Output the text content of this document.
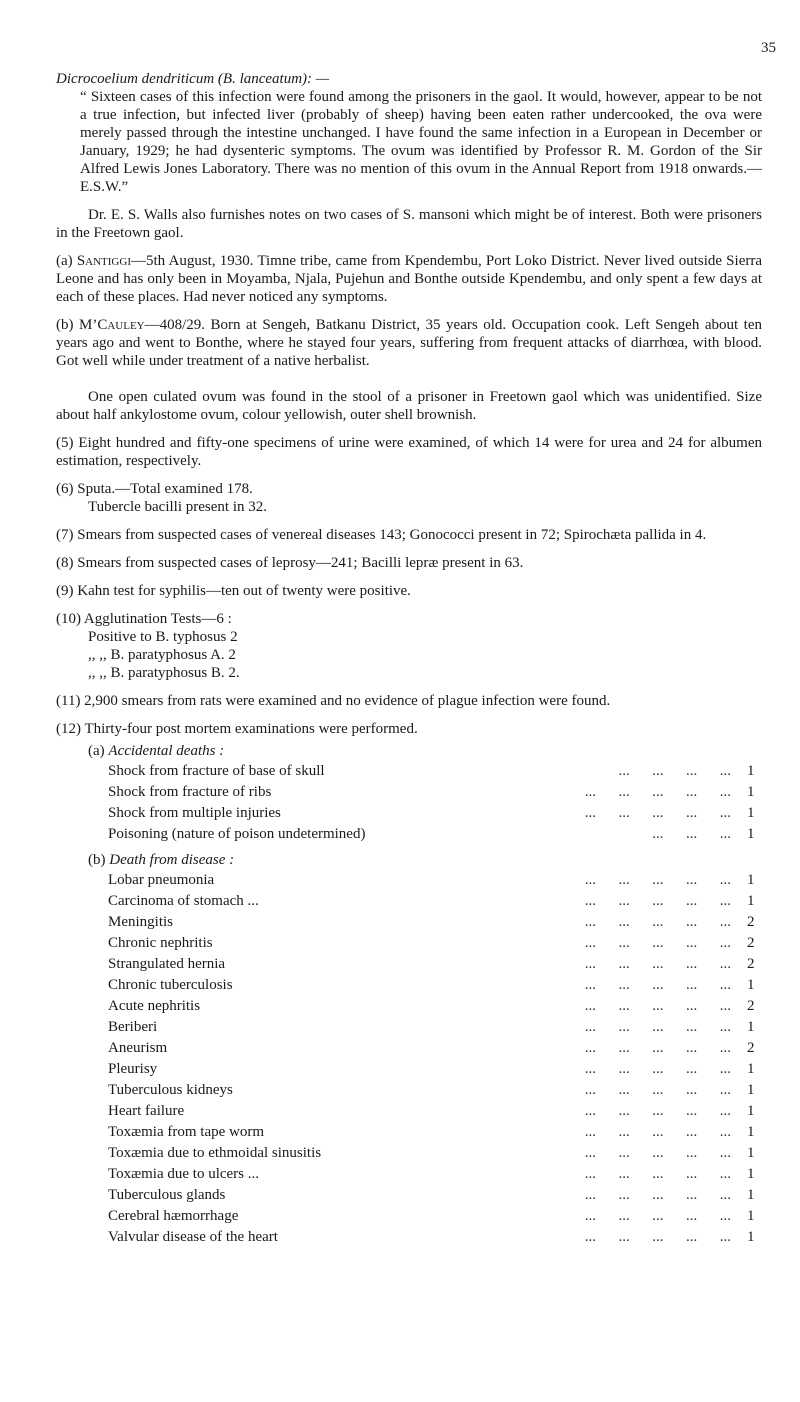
35

Dicrocoelium dendriticum (B. lanceatum): —

“ Sixteen cases of this infection were found among the prisoners in the gaol. It would, however, appear to be not a true infection, but infected liver (probably of sheep) having been eaten rather undercooked, the ova were merely passed through the intestine unchanged. I have found the same infection in a European in December or January, 1929; he had dysenteric symptoms. The ovum was identified by Professor R. M. Gordon of the Sir Alfred Lewis Jones Laboratory. There was no mention of this ovum in the Annual Report from 1918 onwards.—E.S.W.”

Dr. E. S. Walls also furnishes notes on two cases of S. mansoni which might be of interest. Both were prisoners in the Freetown gaol.

(a) Santiggi—5th August, 1930. Timne tribe, came from Kpendembu, Port Loko District. Never lived outside Sierra Leone and has only been in Moyamba, Njala, Pujehun and Bonthe outside Kpendembu, and only spent a few days at each of these places. Had never noticed any symptoms.

(b) M’Cauley—408/29. Born at Sengeh, Batkanu District, 35 years old. Occupation cook. Left Sengeh about ten years ago and went to Bonthe, where he stayed four years, suffering from frequent attacks of diarrhœa, with blood. Got well while under treatment of a native herbalist.

One open culated ovum was found in the stool of a prisoner in Freetown gaol which was unidentified. Size about half ankylostome ovum, colour yellowish, outer shell brownish.

(5) Eight hundred and fifty-one specimens of urine were examined, of which 14 were for urea and 24 for albumen estimation, respectively.

(6) Sputa.—Total examined 178.

Tubercle bacilli present in 32.

(7) Smears from suspected cases of venereal diseases 143; Gonococci present in 72; Spirochæta pallida in 4.

(8) Smears from suspected cases of leprosy—241; Bacilli lepræ present in 63.

(9) Kahn test for syphilis—ten out of twenty were positive.

(10) Agglutination Tests—6 :

Positive to B. typhosus 2

,, ,, B. paratyphosus A. 2

,, ,, B. paratyphosus B. 2.

(11) 2,900 smears from rats were examined and no evidence of plague infection were found.

(12) Thirty-four post mortem examinations were performed.

(a) Accidental deaths :
Shock from fracture of base of skull	...      ...      ...      ... 1
Shock from fracture of ribs	...      ...      ...      ...      ... 1
Shock from multiple injuries	...      ...      ...      ...      ... 1
Poisoning (nature of poison undetermined)	...      ...      ... 1
(b) Death from disease :
Lobar pneumonia	...      ...      ...      ...      ... 1
Carcinoma of stomach ...	...      ...      ...      ...      ... 1
Meningitis	...      ...      ...      ...      ... 2
Chronic nephritis	...      ...      ...      ...      ... 2
Strangulated hernia	...      ...      ...      ...      ... 2
Chronic tuberculosis	...      ...      ...      ...      ... 1
Acute nephritis	...      ...      ...      ...      ... 2
Beriberi	...      ...      ...      ...      ... 1
Aneurism	...      ...      ...      ...      ... 2
Pleurisy	...      ...      ...      ...      ... 1
Tuberculous kidneys	...      ...      ...      ...      ... 1
Heart failure	...      ...      ...      ...      ... 1
Toxæmia from tape worm	...      ...      ...      ...      ... 1
Toxæmia due to ethmoidal sinusitis	...      ...      ...      ...      ... 1
Toxæmia due to ulcers ...	...      ...      ...      ...      ... 1
Tuberculous glands	...      ...      ...      ...      ... 1
Cerebral hæmorrhage	...      ...      ...      ...      ... 1
Valvular disease of the heart	...      ...      ...      ...      ... 1
